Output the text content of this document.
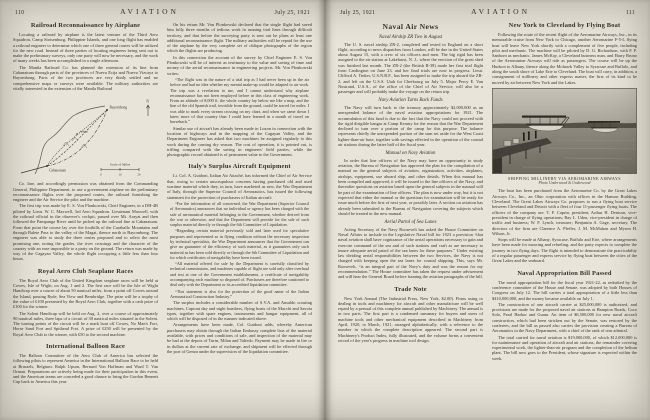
110	AVIATION	July 25, 1921
Railroad Reconnaissance by Airplane

Locating a railroad by airplane is the latest venture of the Third Aero Squadron, Camp Stotsenburg, Philippine Islands, and one long flight has enabled a railroad engineer to determine which one of three general routes will be utilized for the new road. Instead of three parties of locating engineers being sent out to make the preliminary surveys, only one party will now be necessary, and the work of many weeks has been accomplished in a single afternoon.

The Manila Railroad Co. has planned the extension of its line from Cabanatuan through parts of the provinces of Nueva Ecija and Nueva Vizcaya to Bayombong. Parts of the two provinces are very thinly settled and no comprehensive maps or surveys were available. The military authorities are vitally interested in the extension of the Manila Railroad

Cabanatuan
Aritao
Bayombong
N
Scale of Miles
0	10	20

Co. line, and accordingly permission was obtained from the Commanding General, Philippine Department, to use a government airplane on the preliminary reconnaissance flights over the proposed routes, the railroad furnishing the engineer and the Air Service the pilot and the machine.

The first trip was made by E. S. Von Plonkowski, Chief Engineer, in a DH-4B piloted by Lieut. W. C. Maxwell, 3rd Aero Squadron. Lieutenant Maxwell, with the railroad official in the observer's cockpit, passed over Mt. Arayat and then followed the Pampanga River until he picked up the railroad line at Cabanatuan. From that point the course lay over the foothills of the Caraballo Mountains and through Balete Pass to the valley of the Magat, thence north to Bayombong. The engineer was able to study the three routes proposed and to select the most promising one, noting the grades, the river crossings and the character of the country with an ease impossible to a party on the ground. The return was made by way of the Cagayan Valley, the whole flight occupying a little less than four hours.

Royal Aero Club Seaplane Races

The Royal Aero Club of the United Kingdom seaplane races will be held at Cowes, Isle of Wight, on Aug. 1 and 2. The first race will be the Isle of Wight Handicap over a course of about 50 nautical miles, from a point off Cowes around the Island, passing Ryde, Sea View and Bembridge. The prize will be a trophy of the value of £100 presented by the Royal Aero Club, together with a cash prize of £100 for the winner.

The Solent Handicap will be held on Aug. 2, over a course of approximately 90 nautical miles, three laps of a circuit of 30 nautical miles situated in the Solent. The turning points of the circuit will be a mark boat off Cowes, No Man's Fort, Horse Sand Fort and Spithead Fort. A prize of £250 will be presented by the Royal Aero Club to the winner, with £50 to the second machine.

International Balloon Race

The Balloon Committee of the Aero Club of America has selected the following pilots to represent America in the International Balloon Race to be held at Brussels, Belgium: Ralph Upson, Bernard Von Hoffman and Ward T. Van Orman. Preparations are actively being made for their participation in this event, and the American teams are conceded a good chance to bring the Gordon Bennett Cup back to America this year.

On his return Mr. Von Plonkowski declared that the single flight had saved him fully three months of tedious work in running trial lines through difficult territory, and that before the surveying party is sent out he plans at least one additional reconnaissance flight. The military authorities will be repaid for the use of the airplane by the very complete set of oblique photographs of the region which the flights are producing.

In this connection the account of the survey by Chief Engineer E. S. Von Plonkowski will be of interest as testimony to the value and saving of time and money of the aerial reconnaissance in engineering projects. Mr. Von Plonkowski writes:

“The flight was in the nature of a trial trip as I had never been up in the air before and had no idea whether my mental make-up would be adapted to air work. The trip was a revelation to me, and I cannot understand why airplane reconnaissance has not been employed before in this class of engineering work. From an altitude of 8,000 ft. the whole country lay below me like a map, and the line of the old Spanish trail, invisible from the ground, could be traced for miles. I was able to mark every stream crossing on my chart, and when we came down I knew more of that country than I could have learned in a month of travel on horseback.”

Similar use of aircraft has already been made in Luzon in connection with the location of highways and in the mapping of the Cagayan Valley, and the Department Engineer has asked that two machines be assigned regularly to this work during the coming dry season. The cost of operation, it is pointed out, is trifling compared with the saving in engineers' field parties, while the photographic record obtained is of permanent value to the Government.

Italy's Surplus Aircraft Equipment

Lt. Col. A. Guidoni, Italian Air Attaché, has informed the Chief of Air Service that, owing to certain unscrupulous concerns having purchased old and used wartime material which they, in turn, have marketed as new, the War Department of Italy, through the Superior Council of Aeronautics, has issued the following statement for the protection of purchasers of Italian aircraft:

“For the information of all concerned, the War Department (Superior Council of Aeronautics) announces that no individual or agency has been charged with the sale of aeronautical material belonging to the Government, whether derived from the war or otherwise, and that the Department will provide for the sale of such surplus material directly or through the 6th Committee of Liquidation.

“Regarding certain material previously sold and later used for speculative purposes and represented as in flying condition without the necessary inspection by technical specialists, the War Department announces that the Government can give no guarantee of the efficiency of such material, as it guarantees only such material as has been sold directly or through the 6th Committee of Liquidation and for which certificates of navigability have been issued.

“All material offered for sale by the Department is carefully classified by technical commissions, and machines capable of flight are sold only after overhaul and test at one of the Government establishments, a certificate of navigability accompanying each machine so disposed of. Purchasers are therefore cautioned to deal only with the Department or its accredited liquidation committee.

“This statement is also for the protection of the good name of the Italian Aeronautical Construction Industry.”

The surplus includes a considerable number of S.V.A. and Ansaldo scouting machines, Caproni day and night bombers, flying boats of the Macchi and Savoia types, together with spare engines, instruments and hangar equipment, all of which will be disposed of in the manner indicated above.

Arrangements have been made, Col. Guidoni adds, whereby American purchasers may obtain through the Italian Embassy complete lists of the material available, with prices and conditions of sale, and inspection of the material may be had at the depots of Turin, Milan and Taliedo. Payment may be made in lire or in dollars at the current rate of exchange, and shipment will be effected through the port of Genoa under the supervision of the liquidation committee.

July 25, 1921	AVIATION	111
Naval Air News
Naval Airship ZR Two in August

The U. S. naval airship ZR-2, completed and tested in England on a short flight, according to news dispatches from London, will be due in the United States about August 15, with a crew of six officers and men. The big rigid has been assigned to the air station at Lakehurst, N. J., where the erection of the great shed was finished last month. The ZR-2 (the British R-38) made her first trial flight from Cardington on June 23, and her final trials are now in progress. Lieut. Clifford A. Tinker, U.S.N.R.F., has been assigned to make the trip aboard the ZR-2, and left on the U.S.S. Utah for Cherbourg on July 5. Major Percy E. Van Nostrand, U.S.A., of the office of the Chief of Air Service, will also be a passenger and will probably make the voyage on the return trip.

Navy Aviation Turns Back Funds

The Navy will turn back to the treasury approximately $2,000,000 as an unexpended balance of the naval aviation appropriations for 1921. The accumulation of this fund is due to the fact that the Navy could not proceed with the rigid dirigible hangar at Camp Kearny for the reason that the War Department declined to turn over a portion of the camp for this purpose. The balance represents chiefly the unexpended portion of the sum set aside for the West Coast lighter-than-air base, together with savings effected in the operation of the coastal air stations during the latter half of the fiscal year.

Manual on Navy Aviation

In order that line officers of the Navy may have an opportunity to study aviation, the Bureau of Navigation has approved the plan for the compilation of a manual on the general subjects of aviation, organization, activities, airplanes, airships, equipment, use aboard ship, and other details. When this manual has been compiled and approved, it will be issued to the line officers of the Navy, and thereafter questions on aviation based upon the general subjects in the manual will be part of the examination of line officers. The plan is now under way, but it is not expected that either the manual or the questions for examination will be ready for issue much before the first of next year, or possibly later. A section on aviation has already been submitted to the Bureau of Navigation covering the subjects which should be treated in the new manual.

Aerial Patrol of Sea Lanes

Acting Secretary of the Navy Roosevelt has asked the House Committee on Naval Affairs to include in the Legislative Naval bill for 1923 a provision “that naval aviation shall have cognizance of the aerial operations necessary to gain and exercise command of the sea and of such stations and craft as are necessary to insure adequate aerial patrol of the sea lanes for these purposes.” Under existing law dividing aerial responsibilities between the two Services, the Navy is not charged with keeping open the sea lanes for coastal shipping. This, says Mr. Roosevelt, “is an integral part of the Navy's duty and was the reason for my recommendation.” The House committee has taken the request under advisement and will hear the General Board before framing the aviation paragraphs of the bill.

Trade Note

New York Annual (The Industrial Press, New York, $2.00). Firms using or dealing in tools and machinery for aircraft and other manufacture will be well repaid by a perusal of this complete annual published by Machinery. The annual is in two parts. The first part is a condensed summary for buyers and users of machine tools and other mechanical equipment described in Machinery from April, 1920, to March, 1921, arranged alphabetically, with a reference to the number in which the complete description appeared. The second part is Machinery's Product Index, fully illustrated, and the volume forms a convenient record of the year's progress in machine tool design.

New York to Cleveland by Flying Boat

Following the route of the recent flight of the Aeromarine Airways, Inc., in its memorable cruise from New York to Chicago, another Aeromarine F-5-L flying boat will leave New York shortly with a complement of five people, including pilot and mechanic. The machine will be piloted by D. G. Richardson, with F. F. Sanborn as mechanic. James McKay, a Cleveland business man, and Harry Bruno of the Aeromarine Airways will ride as passengers. The course will be up the Hudson to Albany, thence along the Mohawk Valley to Syracuse and Buffalo, and along the south shore of Lake Erie to Cleveland. The boat will carry, in addition, a consignment of millinery and other express matter, the first of its kind to be moved by air between New York and the Lakes.

SHIPPING MILLINERY VIA AEROMARINE AIRWAYS

Photo Underwood & Underwood

The boat has been purchased from the Aeromarine Co. by the Great Lakes Airways Co., Inc., an Ohio corporation with offices in the Hanson Building, Cleveland. The Great Lakes Airways Co. proposes to run a flying boat service between Cleveland and Detroit with a fleet of four 11-passenger flying boats. The officers of the company are: T. F. Caprin, president; Arthur H. Denison, vice-president in charge of flying operations; Ray L. Uden, vice-president in charge of traffic and business; W. F. Lynch, treasurer; Benjamin A. Gage, secretary. The directors of the firm are Clarence A. Pfeffer, J. M. McMahon and Myron H. Wilson, Jr.

Stops will be made at Albany, Syracuse, Buffalo and Erie, where arrangements have been made for mooring and refueling, and the party expects to complete the journey in two flying days. The flight is intended to demonstrate the practicability of a regular passenger and express service by flying boat between the cities of the Great Lakes and the seaboard.

Naval Appropriation Bill Passed

The naval appropriation bill for the fiscal year 1921-22, as redrafted by the conference committee of the House and Senate, was adopted by both Houses of Congress on July 12. The bill carries a total appropriation of a little less than $410,000,000, and the money became available on July 1.

The construction of one aircraft carrier at $25,000,000 is authorized, and provisions are made for the proposed naval air stations at Hampton Roads, Coco Solo, Pearl Harbor and Guam. An item of $6,500,000 for new naval aircraft construction, which had been stricken out by the Senate, was restored by the conferees, and the bill as passed also carries the provision creating a Bureau of Aeronautics in the Navy Department, with a chief of the rank of rear admiral.

The total carried for naval aviation is $19,000,000, of which $12,000,000 is for maintenance and operation of aircraft and air stations, the remainder covering experimental work, the lighter-than-air program and the completion of the helium plant. The bill now goes to the President, whose signature is expected within the week.
